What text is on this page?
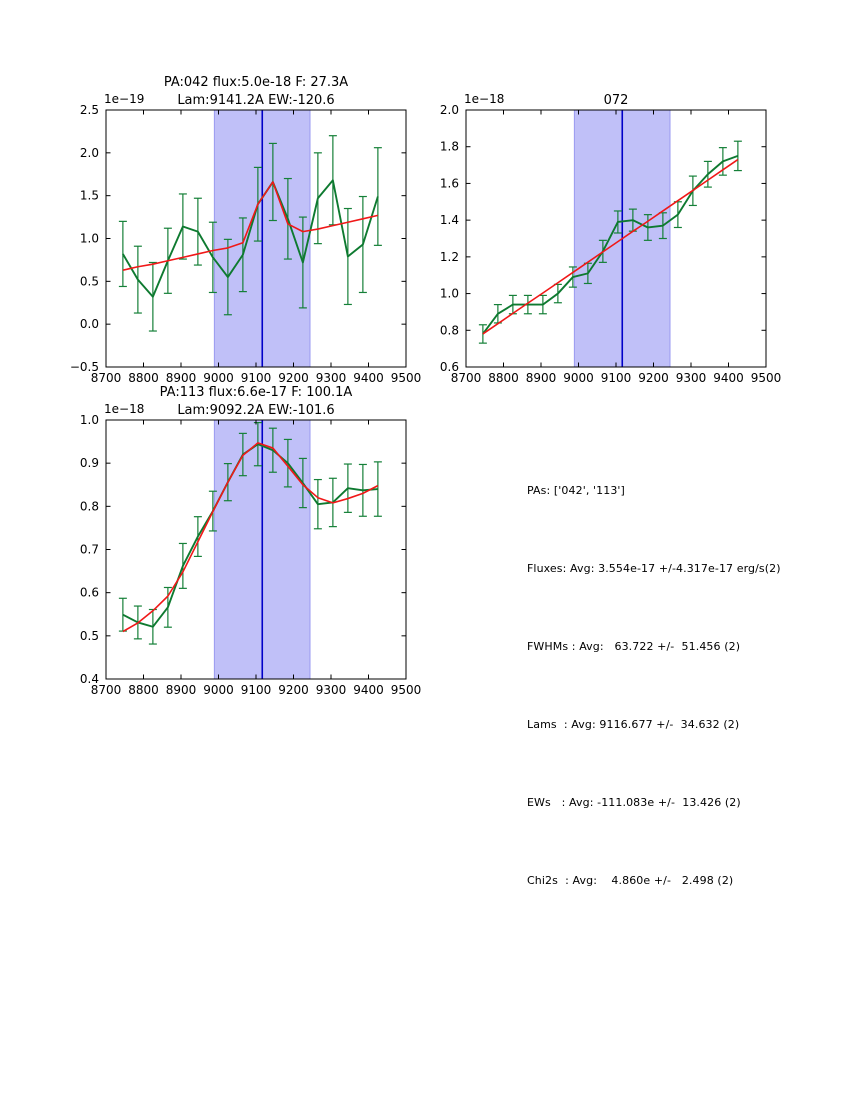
8700 8800 8900 9000 9100 9200 9300 9400 9500
−0.5
0.0
0.5
1.0
1.5
2.0
2.5
1e−19	Lam:9141.2A EW:-120.6
PA:042 flux:5.0e-18 F: 27.3A
8700 8800 8900 9000 9100 9200 9300 9400 9500
0.6
0.8
1.0
1.2
1.4
1.6
1.8
2.0
1e−18	072
8700 8800 8900 9000 9100 9200 9300 9400 9500
0.4
0.5
0.6
0.7
0.8
0.9
1.0
1e−18	Lam:9092.2A EW:-101.6
PA:113 flux:6.6e-17 F: 100.1A

PAs: ['042', '113']

Fluxes: Avg: 3.554e-17 +/-4.317e-17 erg/s(2)

FWHMs : Avg:   63.722 +/-  51.456 (2)

Lams  : Avg: 9116.677 +/-  34.632 (2)

EWs   : Avg: -111.083e +/-  13.426 (2)

Chi2s  : Avg:    4.860e +/-   2.498 (2)
